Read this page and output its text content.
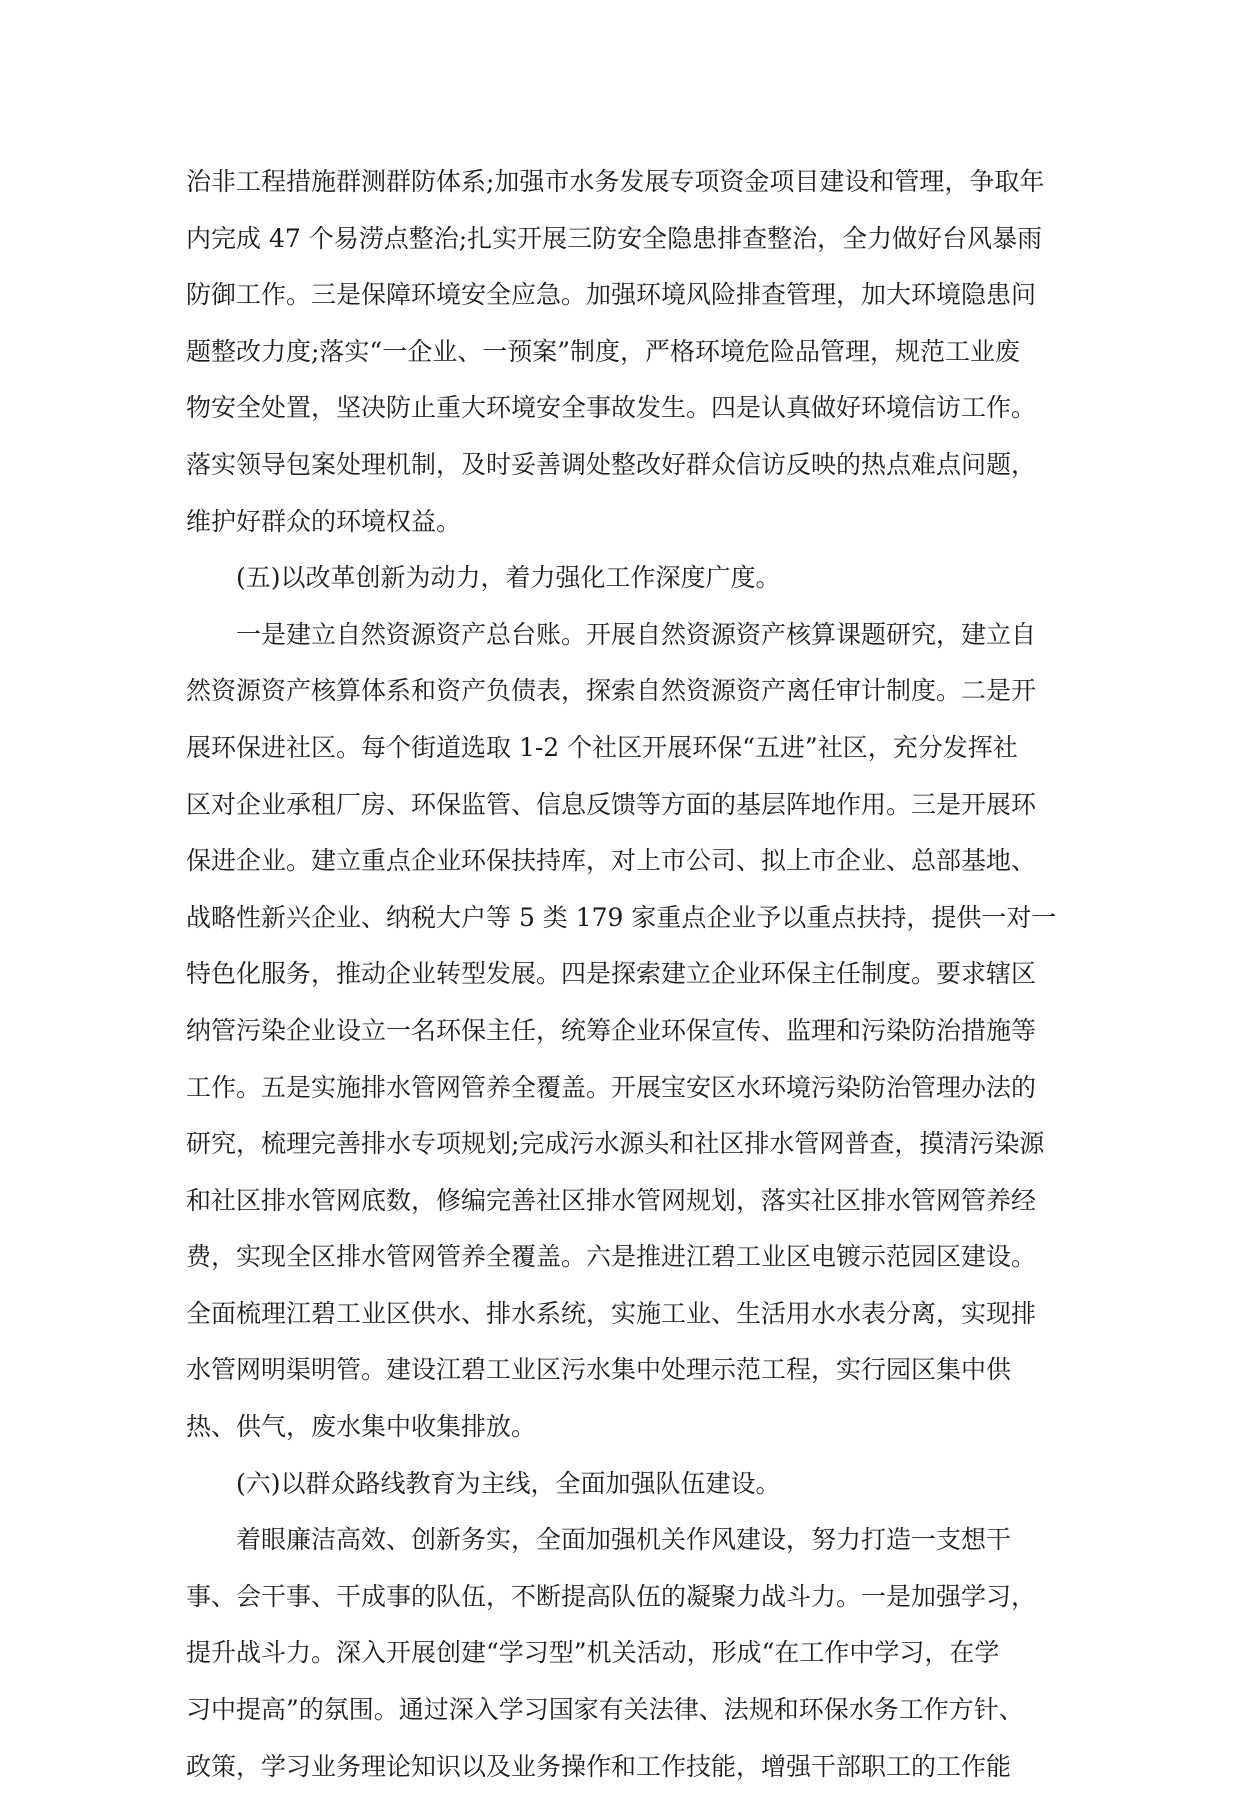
治非工程措施群测群防体系;加强市水务发展专项资金项目建设和管理，争取年
内完成 47 个易涝点整治;扎实开展三防安全隐患排查整治，全力做好台风暴雨
防御工作。三是保障环境安全应急。加强环境风险排查管理，加大环境隐患问
题整改力度;落实“一企业、一预案”制度，严格环境危险品管理，规范工业废
物安全处置，坚决防止重大环境安全事故发生。四是认真做好环境信访工作。
落实领导包案处理机制，及时妥善调处整改好群众信访反映的热点难点问题，
维护好群众的环境权益。
　　(五)以改革创新为动力，着力强化工作深度广度。
　　一是建立自然资源资产总台账。开展自然资源资产核算课题研究，建立自
然资源资产核算体系和资产负债表，探索自然资源资产离任审计制度。二是开
展环保进社区。每个街道选取 1-2 个社区开展环保“五进”社区，充分发挥社
区对企业承租厂房、环保监管、信息反馈等方面的基层阵地作用。三是开展环
保进企业。建立重点企业环保扶持库，对上市公司、拟上市企业、总部基地、
战略性新兴企业、纳税大户等 5 类 179 家重点企业予以重点扶持，提供一对一
特色化服务，推动企业转型发展。四是探索建立企业环保主任制度。要求辖区
纳管污染企业设立一名环保主任，统筹企业环保宣传、监理和污染防治措施等
工作。五是实施排水管网管养全覆盖。开展宝安区水环境污染防治管理办法的
研究，梳理完善排水专项规划;完成污水源头和社区排水管网普查，摸清污染源
和社区排水管网底数，修编完善社区排水管网规划，落实社区排水管网管养经
费，实现全区排水管网管养全覆盖。六是推进江碧工业区电镀示范园区建设。
全面梳理江碧工业区供水、排水系统，实施工业、生活用水水表分离，实现排
水管网明渠明管。建设江碧工业区污水集中处理示范工程，实行园区集中供
热、供气，废水集中收集排放。
　　(六)以群众路线教育为主线，全面加强队伍建设。
　　着眼廉洁高效、创新务实，全面加强机关作风建设，努力打造一支想干
事、会干事、干成事的队伍，不断提高队伍的凝聚力战斗力。一是加强学习，
提升战斗力。深入开展创建“学习型”机关活动，形成“在工作中学习，在学
习中提高”的氛围。通过深入学习国家有关法律、法规和环保水务工作方针、
政策，学习业务理论知识以及业务操作和工作技能，增强干部职工的工作能
